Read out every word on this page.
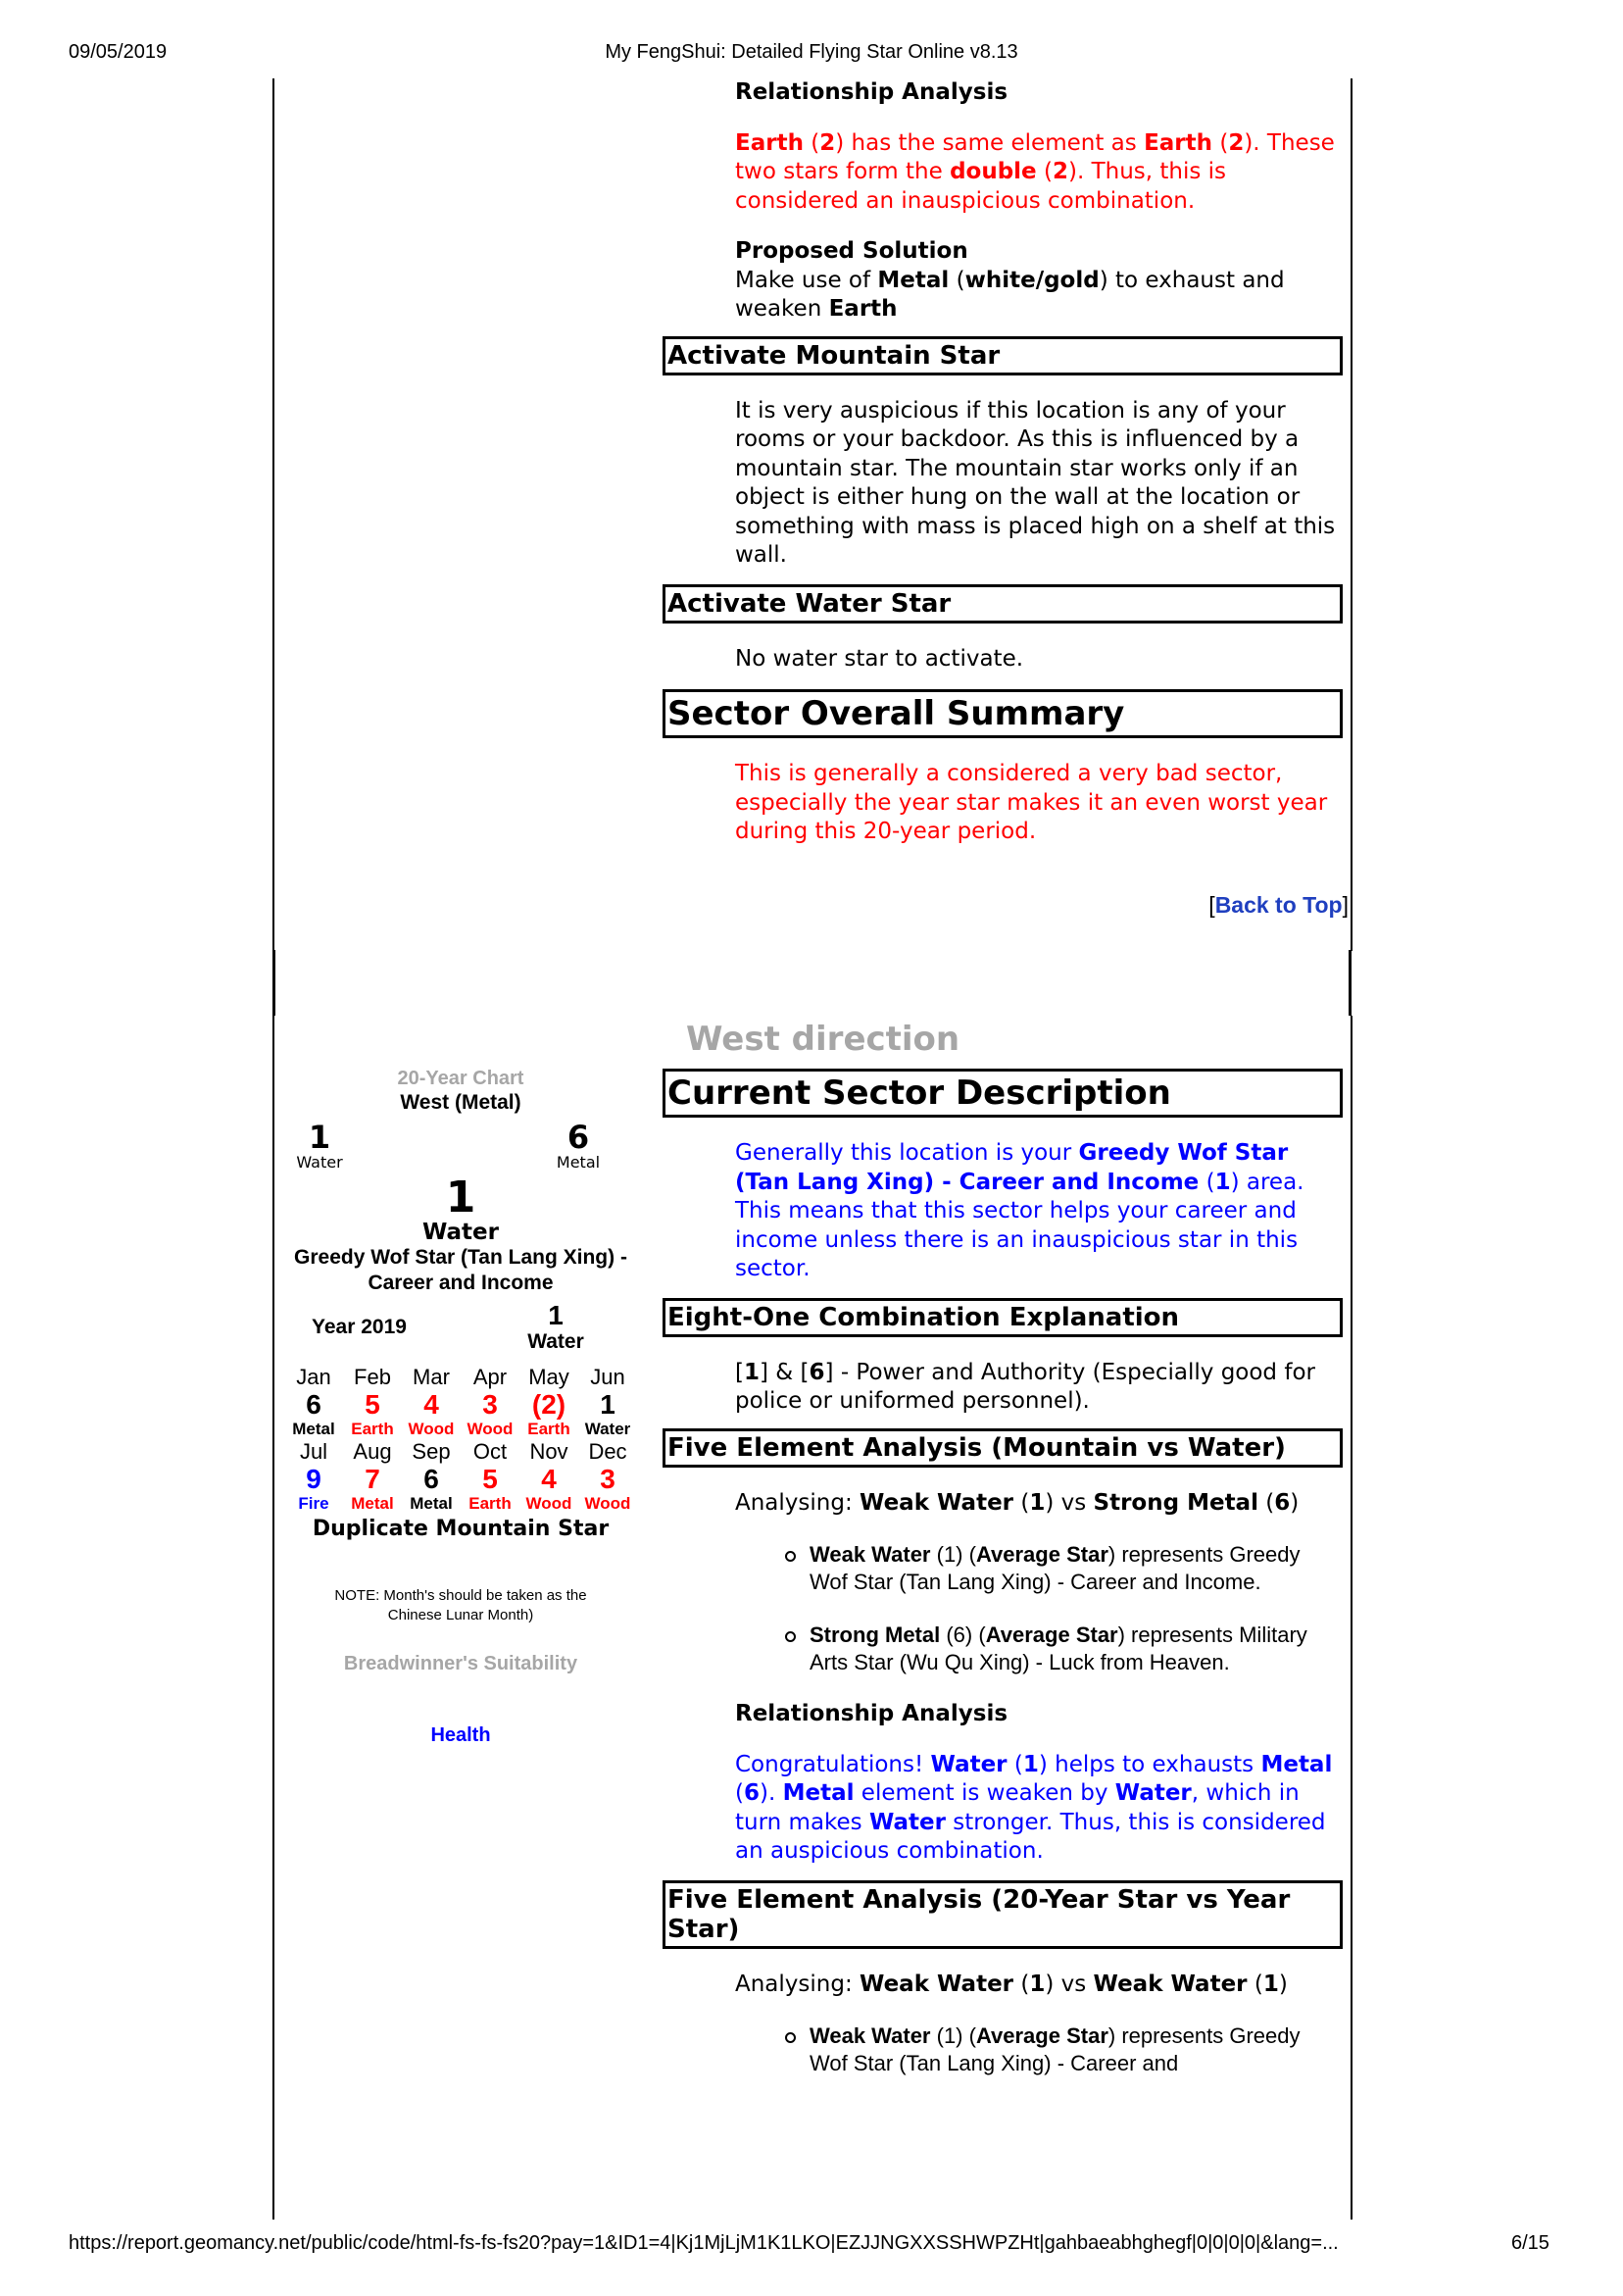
09/05/2019	My FengShui: Detailed Flying Star Online v8.13
Relationship Analysis
Earth (2) has the same element as Earth (2). These two stars form the double (2). Thus, this is considered an inauspicious combination.
Proposed Solution
Make use of Metal (white/gold) to exhaust and weaken Earth
Activate Mountain Star
It is very auspicious if this location is any of your rooms or your backdoor. As this is influenced by a mountain star. The mountain star works only if an object is either hung on the wall at the location or something with mass is placed high on a shelf at this wall.
Activate Water Star
No water star to activate.
Sector Overall Summary
This is generally a considered a very bad sector, especially the year star makes it an even worst year during this 20-year period.
[Back to Top]
West direction
Current Sector Description
Generally this location is your Greedy Wof Star (Tan Lang Xing) - Career and Income (1) area. This means that this sector helps your career and income unless there is an inauspicious star in this sector.
Eight-One Combination Explanation
[1] & [6] - Power and Authority (Especially good for police or uniformed personnel).
Five Element Analysis (Mountain vs Water)
Analysing: Weak Water (1) vs Strong Metal (6)
Weak Water (1) (Average Star) represents Greedy Wof Star (Tan Lang Xing) - Career and Income.
Strong Metal (6) (Average Star) represents Military Arts Star (Wu Qu Xing) - Luck from Heaven.
Relationship Analysis
Congratulations! Water (1) helps to exhausts Metal (6). Metal element is weaken by Water, which in turn makes Water stronger. Thus, this is considered an auspicious combination.
Five Element Analysis (20-Year Star vs Year Star)
Analysing: Weak Water (1) vs Weak Water (1)
Weak Water (1) (Average Star) represents Greedy Wof Star (Tan Lang Xing) - Career and
20-Year Chart
West (Metal)
1
Water
6
Metal
1
Water
Greedy Wof Star (Tan Lang Xing) - Career and Income
Year 2019	1
Water
Jan	Feb	Mar	Apr	May Jun
6	5	4	3	(2)	1
Metal Earth Wood Wood Earth Water
Jul	Aug Sep	Oct	Nov Dec
9	7	6	5	4	3
Fire	Metal Metal Earth Wood Wood
Duplicate Mountain Star
NOTE: Month's should be taken as the Chinese Lunar Month)
Breadwinner's Suitability
Health
https://report.geomancy.net/public/code/html-fs-fs-fs20?pay=1&ID1=4|Kj1MjLjM1K1LKO|EZJJNGXXSSHWPZHt|gahbaeabhghegf|0|0|0|0|&lang=...	6/15
